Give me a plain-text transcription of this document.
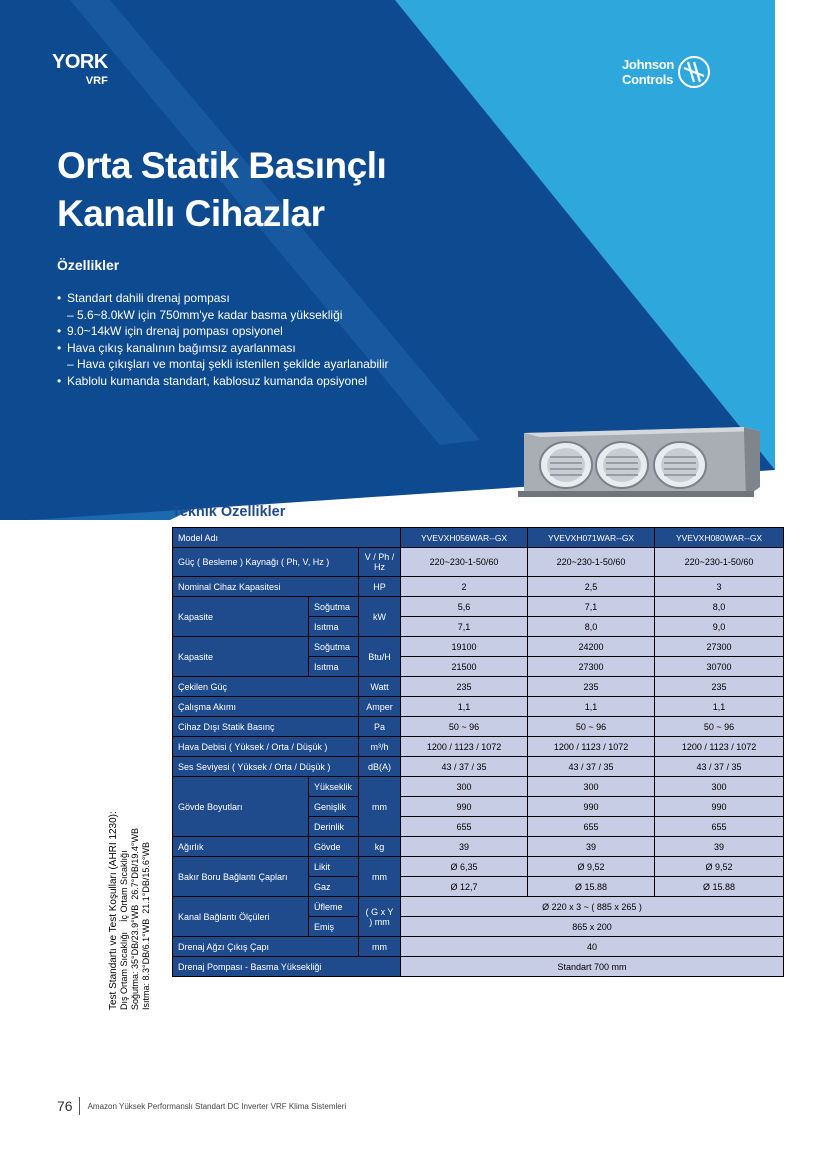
YORK
VRF
Johnson
Controls
Orta Statik Basınçlı
Kanallı Cihazlar
Özellikler
• Standart dahili drenaj pompası
– 5.6~8.0kW için 750mm'ye kadar basma yüksekliği
• 9.0~14kW için drenaj pompası opsiyonel
• Hava çıkış kanalının bağımsız ayarlanması
– Hava çıkışları ve montaj şekli istenilen şekilde ayarlanabilir
• Kablolu kumanda standart, kablosuz kumanda opsiyonel
Teknik Özellikler
Model Adı			YVEVXH056WAR--GX	YVEVXH071WAR--GX	YVEVXH080WAR--GX
Güç ( Besleme ) Kaynağı ( Ph, V, Hz )		V / Ph / Hz	220~230-1-50/60	220~230-1-50/60	220~230-1-50/60
Nominal Cihaz Kapasitesi		HP	2	2,5	3
Kapasite	Soğutma	kW	5,6	7,1	8,0
	Isıtma		7,1	8,0	9,0
Kapasite	Soğutma	Btu/H	19100	24200	27300
	Isıtma		21500	27300	30700
Çekilen Güç		Watt	235	235	235
Çalışma Akımı		Amper	1,1	1,1	1,1
Cihaz Dışı Statik Basınç		Pa	50 ~ 96	50 ~ 96	50 ~ 96
Hava Debisi ( Yüksek / Orta / Düşük )		m³/h	1200 / 1123 / 1072	1200 / 1123 / 1072	1200 / 1123 / 1072
Ses Seviyesi ( Yüksek / Orta / Düşük )		dB(A)	43 / 37 / 35	43 / 37 / 35	43 / 37 / 35
Gövde Boyutları	Yükseklik	mm	300	300	300
	Genişlik		990	990	990
	Derinlik		655	655	655
Ağırlık	Gövde	kg	39	39	39
Bakır Boru Bağlantı Çapları	Likit	mm	Ø 6,35	Ø 9,52	Ø 9,52
	Gaz		Ø 12,7	Ø 15.88	Ø 15.88
Kanal Bağlantı Ölçüleri	Üfleme	( G x Y ) mm	Ø 220 x 3 ~ ( 885 x 265 )		
	Emiş		865 x 200		
Drenaj Ağzı Çıkış Çapı		mm	40		
Drenaj Pompası - Basma Yüksekliği			Standart 700 mm		
Test Standartı ve Test Koşulları (AHRI 1230): Dış Ortam Sıcaklığı    İç Ortam Sıcaklığı
Soğutma: 35°DB/23.9°WB  26.7°DB/19.4°WB
Isıtma: 8.3°DB/6.1°WB  21.1°DB/15.6°WB
76 Amazon Yüksek Performanslı Standart DC Inverter VRF Klima Sistemleri
